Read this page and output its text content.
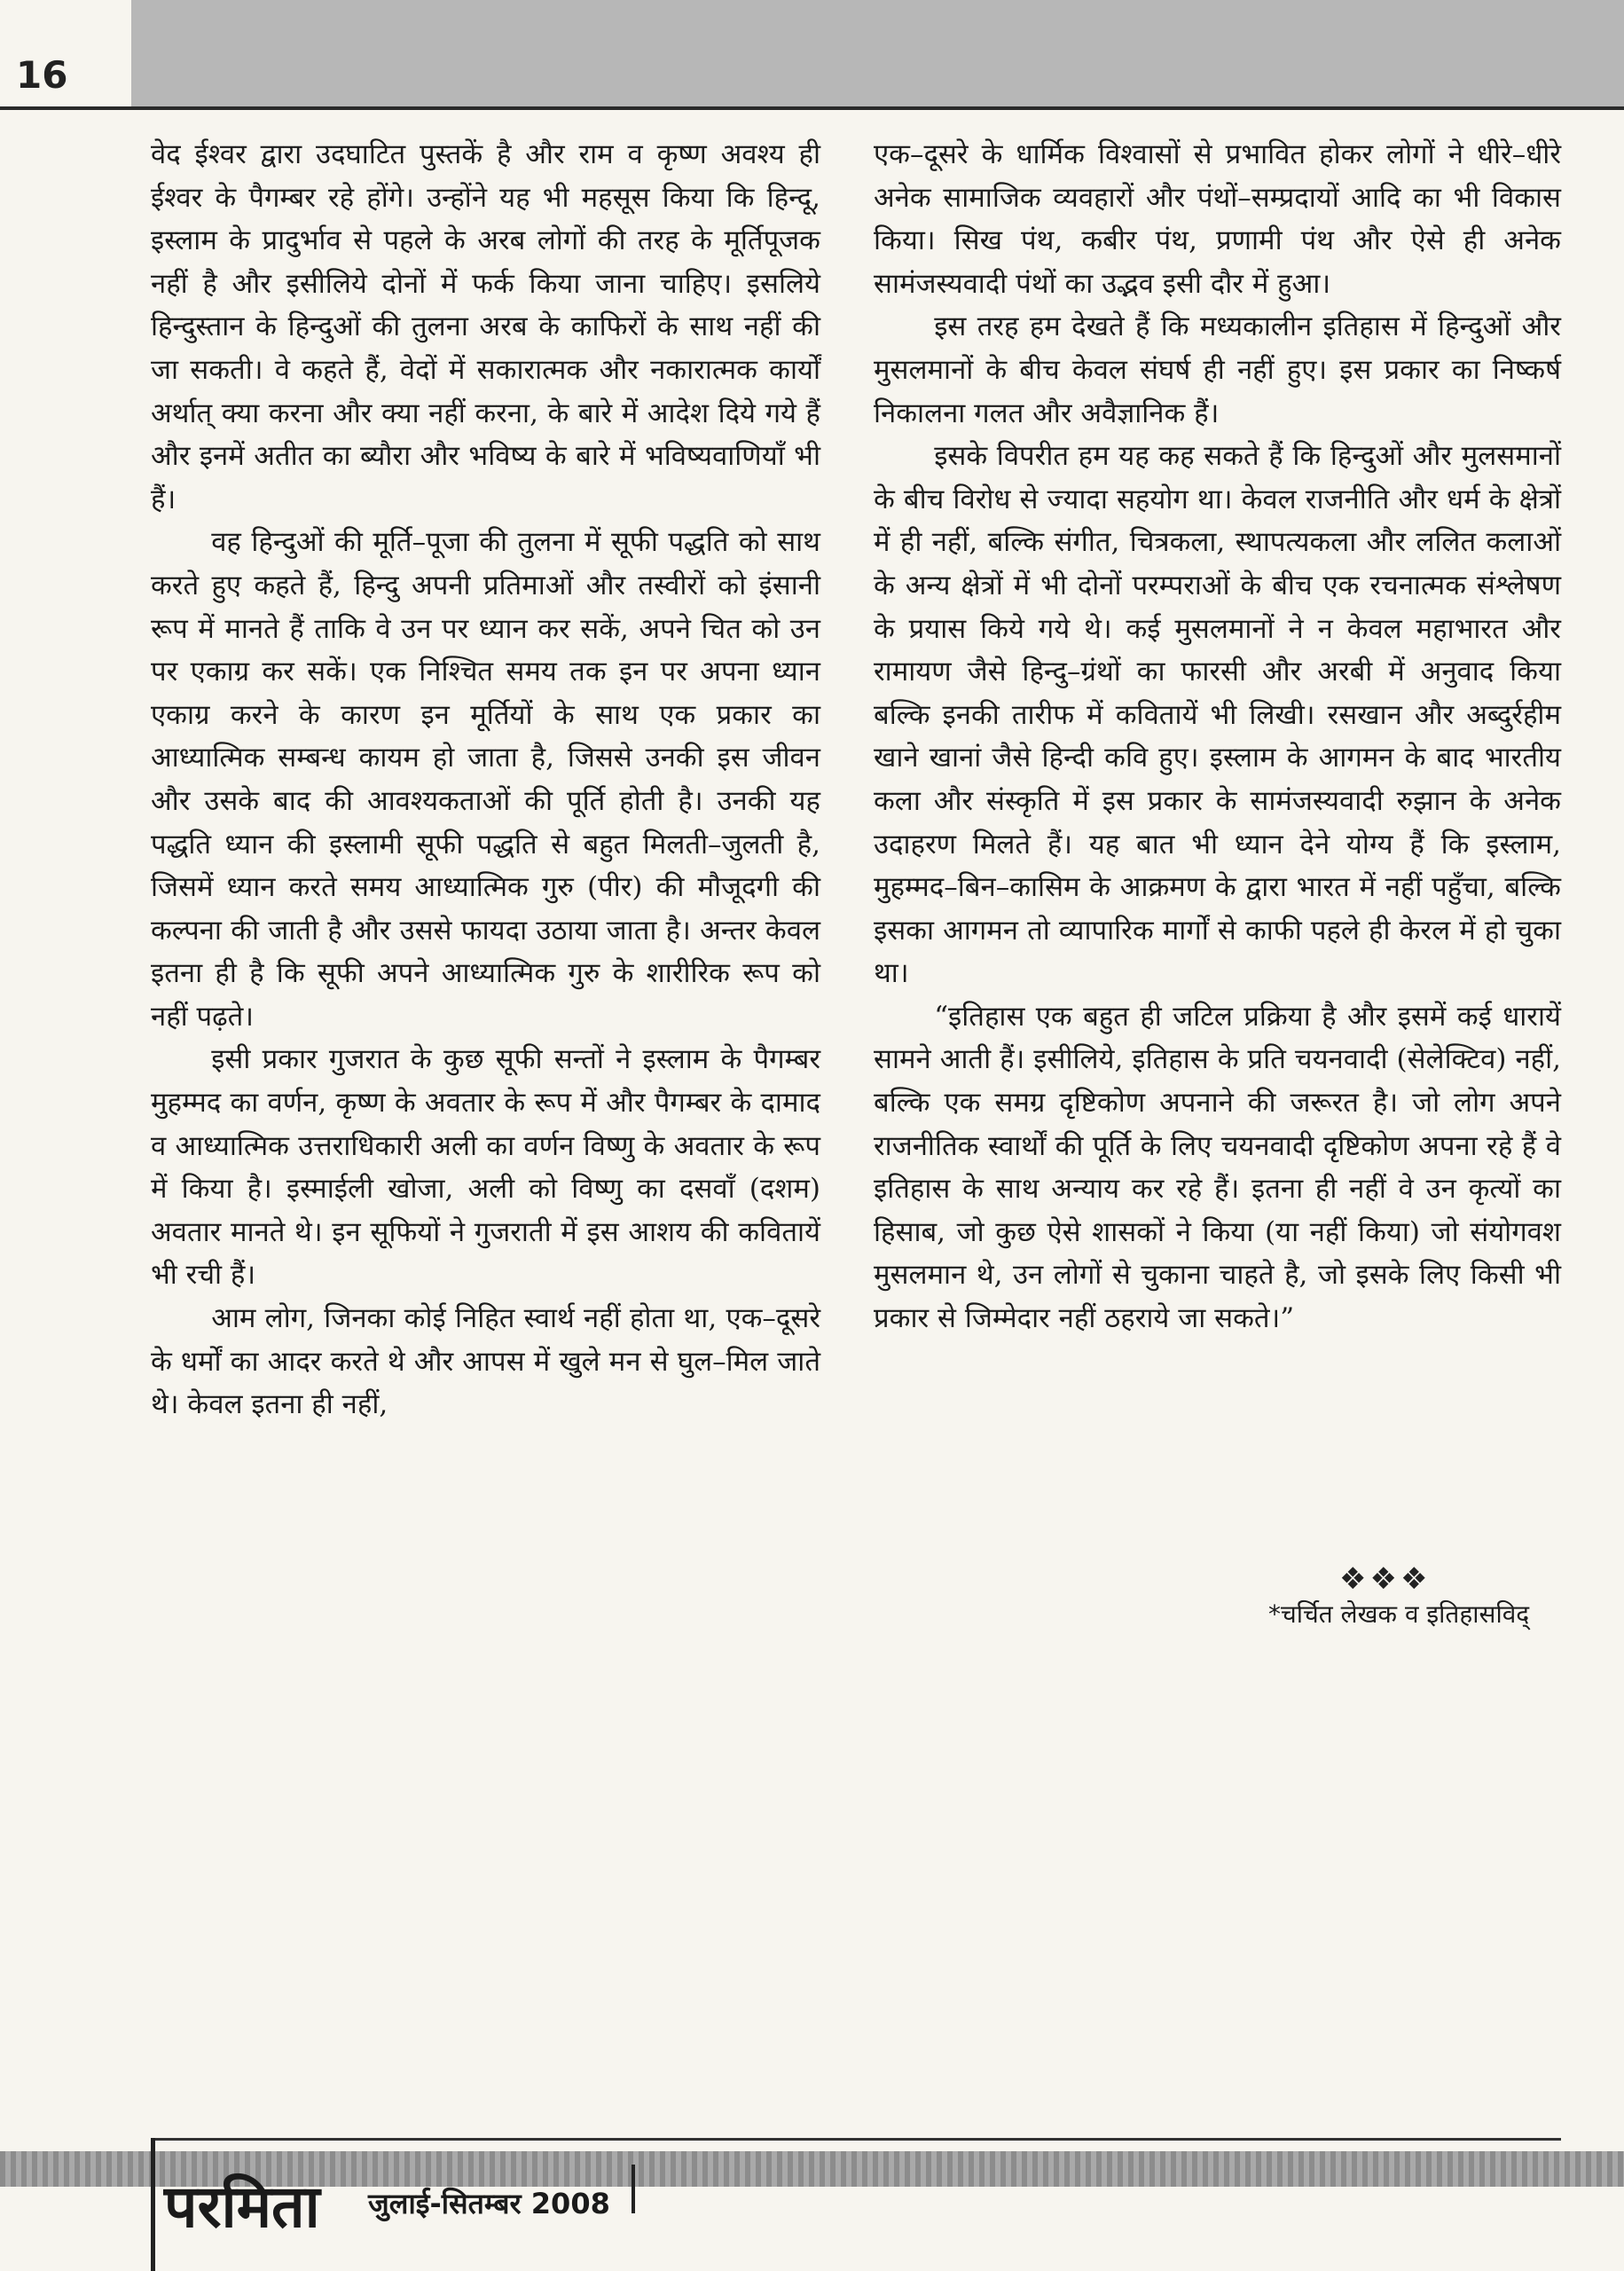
16

वेद ईश्वर द्वारा उदघाटित पुस्तकें है और राम व कृष्ण अवश्य ही ईश्वर के पैगम्बर रहे होंगे। उन्होंने यह भी महसूस किया कि हिन्दू, इस्लाम के प्रादुर्भाव से पहले के अरब लोगों की तरह के मूर्तिपूजक नहीं है और इसीलिये दोनों में फर्क किया जाना चाहिए। इसलिये हिन्दुस्तान के हिन्दुओं की तुलना अरब के काफिरों के साथ नहीं की जा सकती। वे कहते हैं, वेदों में सकारात्मक और नकारात्मक कार्यों अर्थात् क्या करना और क्या नहीं करना, के बारे में आदेश दिये गये हैं और इनमें अतीत का ब्यौरा और भविष्य के बारे में भविष्यवाणियाँ भी हैं।

वह हिन्दुओं की मूर्ति–पूजा की तुलना में सूफी पद्धति को साथ करते हुए कहते हैं, हिन्दु अपनी प्रतिमाओं और तस्वीरों को इंसानी रूप में मानते हैं ताकि वे उन पर ध्यान कर सकें, अपने चित को उन पर एकाग्र कर सकें। एक निश्चित समय तक इन पर अपना ध्यान एकाग्र करने के कारण इन मूर्तियों के साथ एक प्रकार का आध्यात्मिक सम्बन्ध कायम हो जाता है, जिससे उनकी इस जीवन और उसके बाद की आवश्यकताओं की पूर्ति होती है। उनकी यह पद्धति ध्यान की इस्लामी सूफी पद्धति से बहुत मिलती–जुलती है, जिसमें ध्यान करते समय आध्यात्मिक गुरु (पीर) की मौजूदगी की कल्पना की जाती है और उससे फायदा उठाया जाता है। अन्तर केवल इतना ही है कि सूफी अपने आध्यात्मिक गुरु के शारीरिक रूप को नहीं पढ़ते।

इसी प्रकार गुजरात के कुछ सूफी सन्तों ने इस्लाम के पैगम्बर मुहम्मद का वर्णन, कृष्ण के अवतार के रूप में और पैगम्बर के दामाद व आध्यात्मिक उत्तराधिकारी अली का वर्णन विष्णु के अवतार के रूप में किया है। इस्माईली खोजा, अली को विष्णु का दसवाँ (दशम) अवतार मानते थे। इन सूफियों ने गुजराती में इस आशय की कवितायें भी रची हैं।

आम लोग, जिनका कोई निहित स्वार्थ नहीं होता था, एक–दूसरे के धर्मों का आदर करते थे और आपस में खुले मन से घुल–मिल जाते थे। केवल इतना ही नहीं,

एक–दूसरे के धार्मिक विश्वासों से प्रभावित होकर लोगों ने धीरे–धीरे अनेक सामाजिक व्यवहारों और पंथों–सम्प्रदायों आदि का भी विकास किया। सिख पंथ, कबीर पंथ, प्रणामी पंथ और ऐसे ही अनेक सामंजस्यवादी पंथों का उद्भव इसी दौर में हुआ।

इस तरह हम देखते हैं कि मध्यकालीन इतिहास में हिन्दुओं और मुसलमानों के बीच केवल संघर्ष ही नहीं हुए। इस प्रकार का निष्कर्ष निकालना गलत और अवैज्ञानिक हैं।

इसके विपरीत हम यह कह सकते हैं कि हिन्दुओं और मुलसमानों के बीच विरोध से ज्यादा सहयोग था। केवल राजनीति और धर्म के क्षेत्रों में ही नहीं, बल्कि संगीत, चित्रकला, स्थापत्यकला और ललित कलाओं के अन्य क्षेत्रों में भी दोनों परम्पराओं के बीच एक रचनात्मक संश्लेषण के प्रयास किये गये थे। कई मुसलमानों ने न केवल महाभारत और रामायण जैसे हिन्दु–ग्रंथों का फारसी और अरबी में अनुवाद किया बल्कि इनकी तारीफ में कवितायें भी लिखी। रसखान और अब्दुर्रहीम खाने खानां जैसे हिन्दी कवि हुए। इस्लाम के आगमन के बाद भारतीय कला और संस्कृति में इस प्रकार के सामंजस्यवादी रुझान के अनेक उदाहरण मिलते हैं। यह बात भी ध्यान देने योग्य हैं कि इस्लाम, मुहम्मद–बिन–कासिम के आक्रमण के द्वारा भारत में नहीं पहुँचा, बल्कि इसका आगमन तो व्यापारिक मार्गों से काफी पहले ही केरल में हो चुका था।

“इतिहास एक बहुत ही जटिल प्रक्रिया है और इसमें कई धारायें सामने आती हैं। इसीलिये, इतिहास के प्रति चयनवादी (सेलेक्टिव) नहीं, बल्कि एक समग्र दृष्टिकोण अपनाने की जरूरत है। जो लोग अपने राजनीतिक स्वार्थों की पूर्ति के लिए चयनवादी दृष्टिकोण अपना रहे हैं वे इतिहास के साथ अन्याय कर रहे हैं। इतना ही नहीं वे उन कृत्यों का हिसाब, जो कुछ ऐसे शासकों ने किया (या नहीं किया) जो संयोगवश मुसलमान थे, उन लोगों से चुकाना चाहते है, जो इसके लिए किसी भी प्रकार से जिम्मेदार नहीं ठहराये जा सकते।”

❖❖❖
*चर्चित लेखक व इतिहासविद्
परमिता जुलाई-सितम्बर 2008
